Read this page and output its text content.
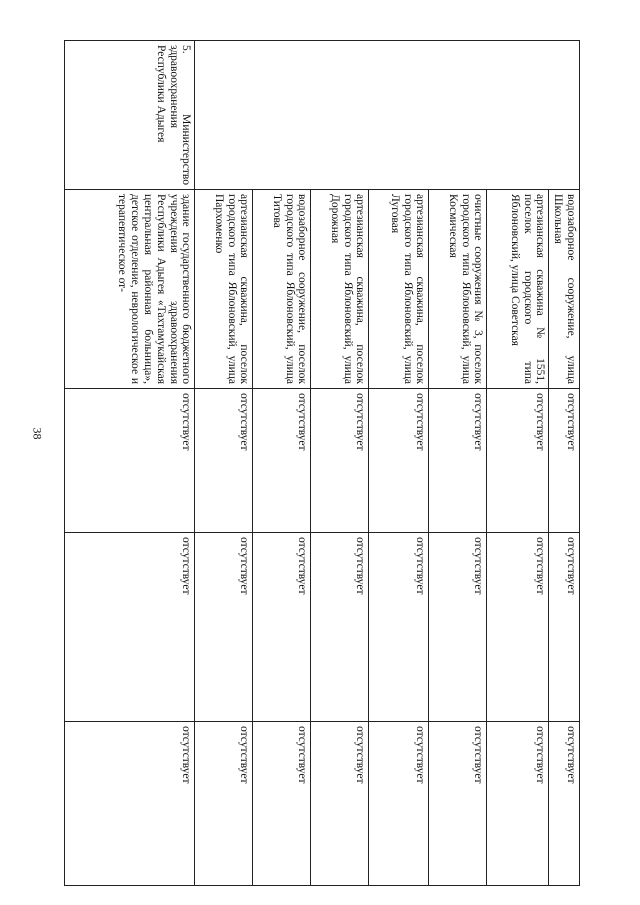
38
	водозаборное сооружение, улица Школьная	отсутствует	отсутствует	отсутствует
	артезианская скважина № 1551, поселок городского типа Яблоновский, улица Советская	отсутствует	отсутствует	отсутствует
	очистные сооружения № 3, поселок городского типа Яблоновский, улица Космическая	отсутствует	отсутствует	отсутствует
	артезианская скважина, поселок городского типа Яблоновский, улица Луговая	отсутствует	отсутствует	отсутствует
	артезианская скважина, поселок городского типа Яблоновский, улица Дорожная	отсутствует	отсутствует	отсутствует
	водозаборное сооружение, поселок городского типа Яблоновский, улица Титова	отсутствует	отсутствует	отсутствует
	артезианская скважина, поселок городского типа Яблоновский, улица Пархоменко	отсутствует	отсутствует	отсутствует
5. Министерство здравоохранения Республики Адыгея	здание государственного бюджетного учреждения здравоохранения Республики Адыгея «Тахтамукайская центральная районная больница», детское отделение, неврологическое и терапевтическое от-	отсутствует	отсутствует	отсутствует
